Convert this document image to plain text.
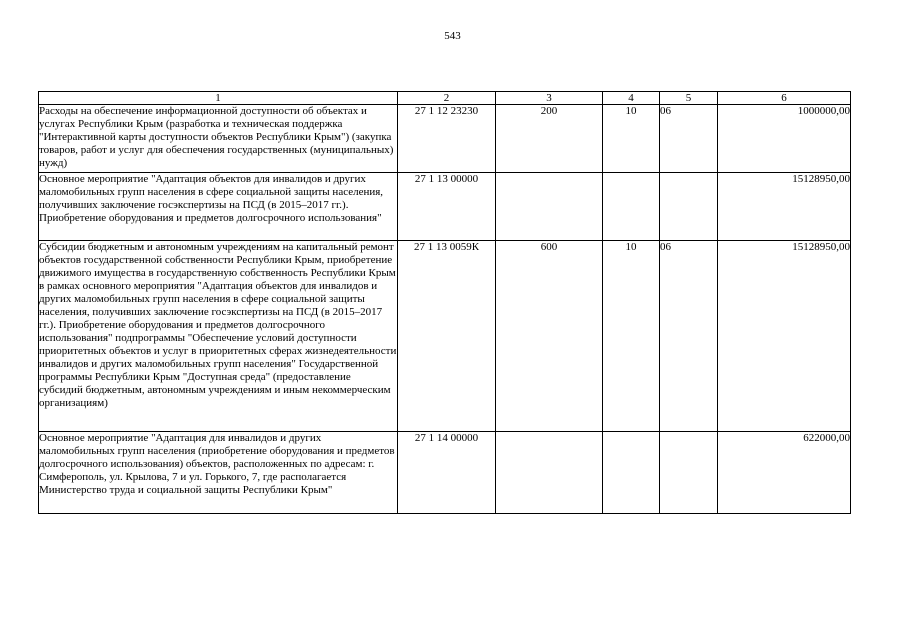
543
1	2	3	4	5	6
Расходы на обеспечение информационной доступности об объектах и услугах Республики Крым (разработка и техническая поддержка "Интерактивной карты доступности объектов Республики Крым") (закупка товаров, работ и услуг для обеспечения государственных (муниципальных) нужд)	27 1 12 23230	200	10	06	1000000,00
Основное мероприятие "Адаптация объектов для инвалидов и других маломобильных групп населения в сфере социальной защиты населения, получивших заключение госэкспертизы на ПСД (в 2015–2017 гг.). Приобретение оборудования и предметов долгосрочного использования"	27 1 13 00000				15128950,00
Субсидии бюджетным и автономным учреждениям на капитальный ремонт объектов государственной собственности Республики Крым, приобретение движимого имущества в государственную собственность Республики Крым в рамках основного мероприятия "Адаптация объектов для инвалидов и других маломобильных групп населения в сфере социальной защиты населения, получивших заключение госэкспертизы на ПСД (в 2015–2017 гг.). Приобретение оборудования и предметов долгосрочного использования" подпрограммы "Обеспечение условий доступности приоритетных объектов и услуг в приоритетных сферах жизнедеятельности инвалидов и других маломобильных групп населения" Государственной программы Республики Крым "Доступная среда" (предоставление субсидий бюджетным, автономным учреждениям и иным некоммерческим организациям)	27 1 13 0059К	600	10	06	15128950,00
Основное мероприятие "Адаптация для инвалидов и других маломобильных групп населения (приобретение оборудования и предметов долгосрочного использования) объектов, расположенных по адресам: г. Симферополь, ул. Крылова, 7 и ул. Горького, 7, где располагается Министерство труда и социальной защиты Республики Крым"	27 1 14 00000				622000,00
